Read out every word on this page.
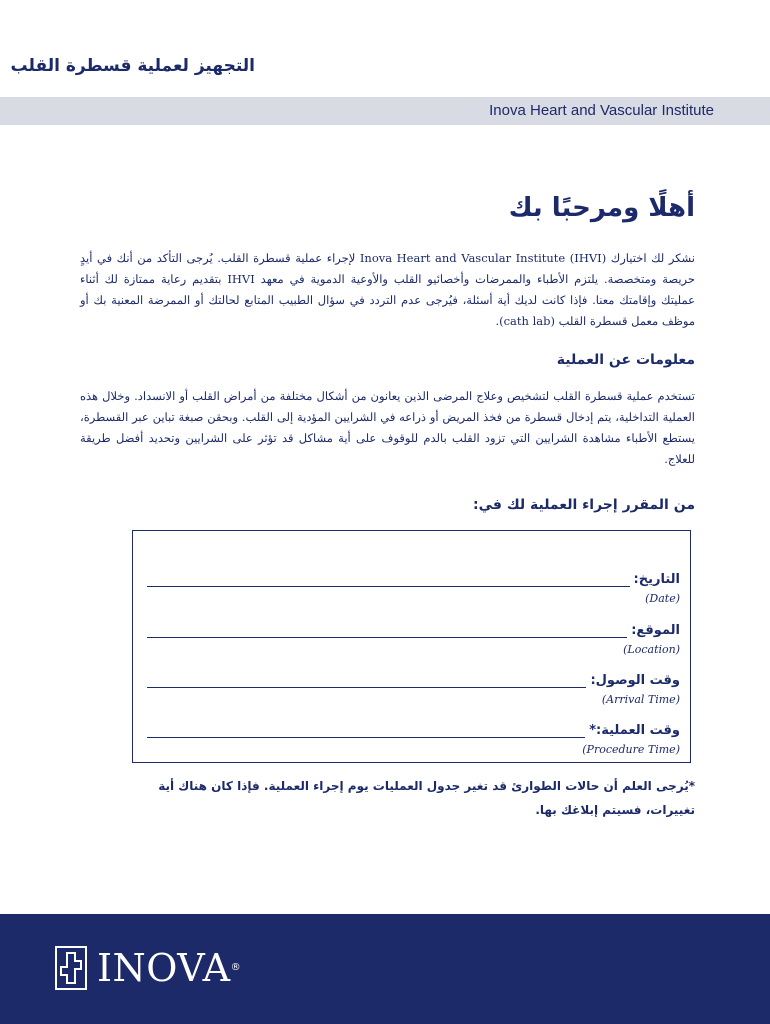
التجهيز لعملية قسطرة القلب
Inova Heart and Vascular Institute
أهلًا ومرحبًا بك
نشكر لك اختيارك Inova Heart and Vascular Institute (IHVI) لإجراء عملية قسطرة القلب. يُرجى التأكد من أنك في أيدٍ حريصة ومتخصصة. يلتزم الأطباء والممرضات وأخصائيو القلب والأوعية الدموية في معهد IHVI بتقديم رعاية ممتازة لك أثناء عمليتك وإقامتك معنا. فإذا كانت لديك أية أسئلة، فيُرجى عدم التردد في سؤال الطبيب المتابع لحالتك أو الممرضة المعنية بك أو موظف معمل قسطرة القلب (cath lab).
معلومات عن العملية
تستخدم عملية قسطرة القلب لتشخيص وعلاج المرضى الذين يعانون من أشكال مختلفة من أمراض القلب أو الانسداد. وخلال هذه العملية التداخلية، يتم إدخال قسطرة من فخذ المريض أو ذراعه في الشرايين المؤدية إلى القلب. وبحقن صبغة تباين عبر القسطرة، يستطع الأطباء مشاهدة الشرايين التي تزود القلب بالدم للوقوف على أية مشاكل قد تؤثر على الشرايين وتحديد أفضل طريقة للعلاج.
من المقرر إجراء العملية لك في:
التاريخ:
(Date)
الموقع:
(Location)
وقت الوصول:
(Arrival Time)
وقت العملية:*
(Procedure Time)
*يُرجى العلم أن حالات الطوارئ قد تغير جدول العمليات يوم إجراء العملية. فإذا كان هناك أية تغييرات، فسيتم إبلاغك بها.
INOVA®
